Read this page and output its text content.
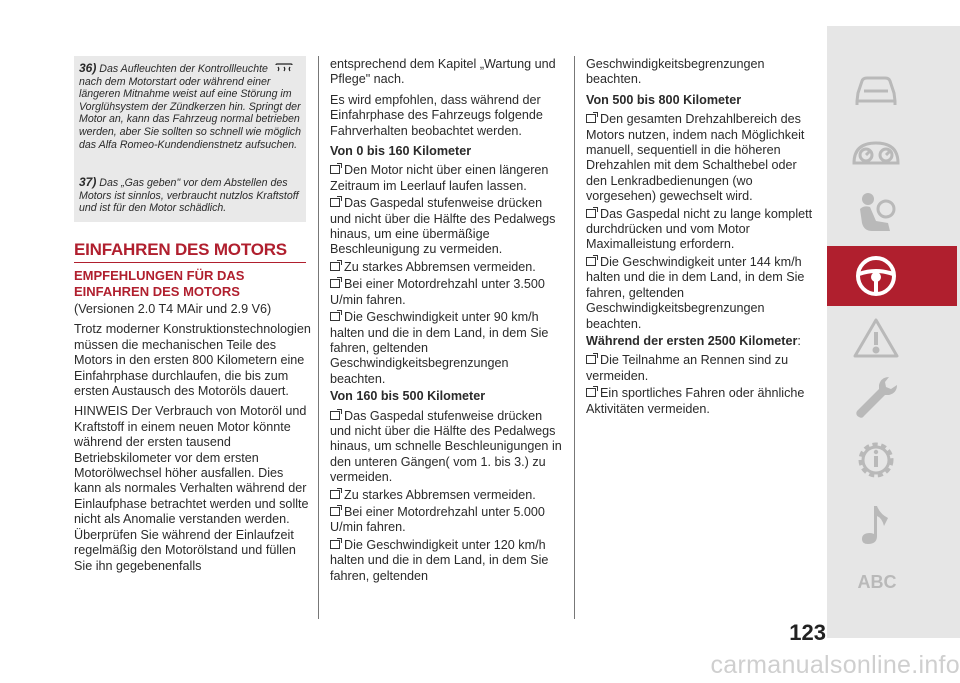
36) Das Aufleuchten der Kontrollleuchte
nach dem Motorstart oder während einer längeren Mitnahme weist auf eine Störung im Vorglühsystem der Zündkerzen hin. Springt der Motor an, kann das Fahrzeug normal betrieben werden, aber Sie sollten so schnell wie möglich das Alfa Romeo-Kundendienstnetz aufsuchen.
37) Das „Gas geben" vor dem Abstellen des Motors ist sinnlos, verbraucht nutzlos Kraftstoff und ist für den Motor schädlich.
EINFAHREN DES MOTORS
EMPFEHLUNGEN FÜR DAS EINFAHREN DES MOTORS

(Versionen 2.0 T4 MAir und 2.9 V6)

Trotz moderner Konstruktionstechnologien müssen die mechanischen Teile des Motors in den ersten 800 Kilometern eine Einfahrphase durchlaufen, die bis zum ersten Austausch des Motoröls dauert.

HINWEIS Der Verbrauch von Motoröl und Kraftstoff in einem neuen Motor könnte während der ersten tausend Betriebskilometer vor dem ersten Motorölwechsel höher ausfallen. Dies kann als normales Verhalten während der Einlaufphase betrachtet werden und sollte nicht als Anomalie verstanden werden. Überprüfen Sie während der Einlaufzeit regelmäßig den Motorölstand und füllen Sie ihn gegebenenfalls

entsprechend dem Kapitel „Wartung und Pflege" nach.

Es wird empfohlen, dass während der Einfahrphase des Fahrzeugs folgende Fahrverhalten beobachtet werden.

Von 0 bis 160 Kilometer

Den Motor nicht über einen längeren Zeitraum im Leerlauf laufen lassen.

Das Gaspedal stufenweise drücken und nicht über die Hälfte des Pedalwegs hinaus, um eine übermäßige Beschleunigung zu vermeiden.

Zu starkes Abbremsen vermeiden.

Bei einer Motordrehzahl unter 3.500 U/min fahren.

Die Geschwindigkeit unter 90 km/h halten und die in dem Land, in dem Sie fahren, geltenden Geschwindigkeitsbegrenzungen beachten.

Von 160 bis 500 Kilometer

Das Gaspedal stufenweise drücken und nicht über die Hälfte des Pedalwegs hinaus, um schnelle Beschleunigungen in den unteren Gängen( vom 1. bis 3.) zu vermeiden.

Zu starkes Abbremsen vermeiden.

Bei einer Motordrehzahl unter 5.000 U/min fahren.

Die Geschwindigkeit unter 120 km/h halten und die in dem Land, in dem Sie fahren, geltenden

Geschwindigkeitsbegrenzungen beachten.

Von 500 bis 800 Kilometer

Den gesamten Drehzahlbereich des Motors nutzen, indem nach Möglichkeit manuell, sequentiell in die höheren Drehzahlen mit dem Schalthebel oder den Lenkradbedienungen (wo vorgesehen) gewechselt wird.

Das Gaspedal nicht zu lange komplett durchdrücken und vom Motor Maximalleistung erfordern.

Die Geschwindigkeit unter 144 km/h halten und die in dem Land, in dem Sie fahren, geltenden Geschwindigkeitsbegrenzungen beachten.

Während der ersten 2500 Kilometer:

Die Teilnahme an Rennen sind zu vermeiden.

Ein sportliches Fahren oder ähnliche Aktivitäten vermeiden.

ABC
123
carmanualsonline.info
